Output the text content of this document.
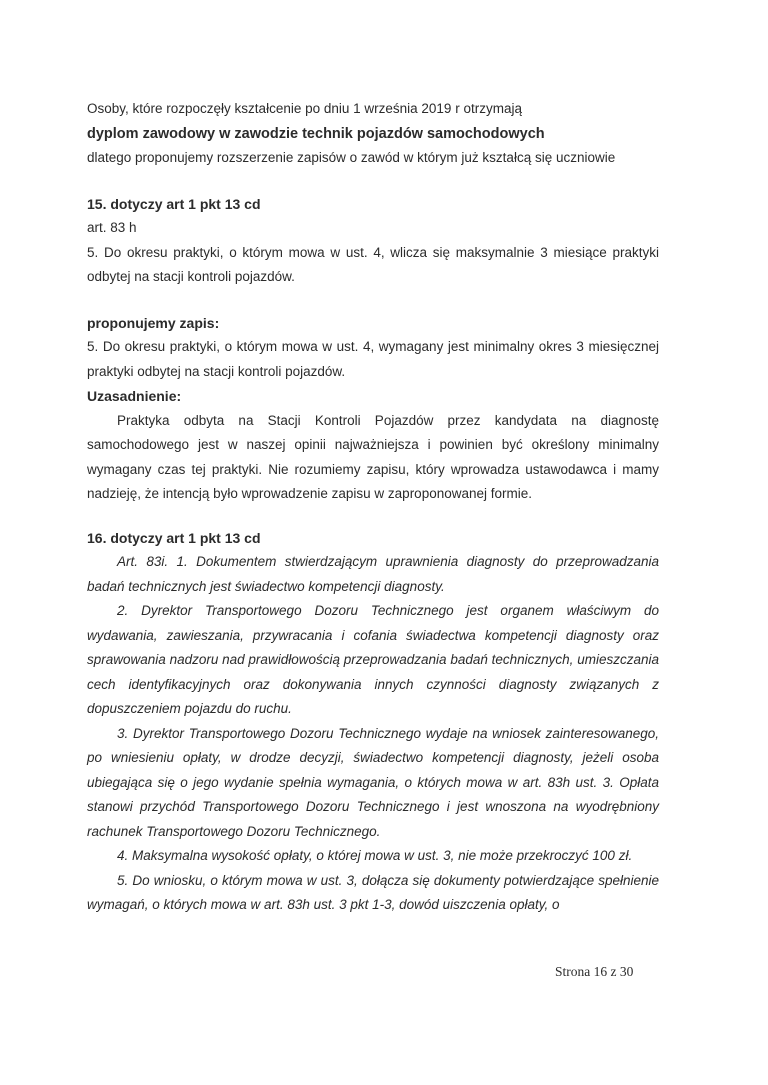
Osoby, które rozpoczęły kształcenie po dniu 1 września 2019 r otrzymają

dyplom zawodowy w zawodzie technik pojazdów samochodowych

dlatego proponujemy rozszerzenie zapisów o zawód w którym już kształcą się uczniowie

15. dotyczy art 1 pkt 13 cd

art. 83 h

5. Do okresu praktyki, o którym mowa w ust. 4, wlicza się maksymalnie 3 miesiące praktyki odbytej na stacji kontroli pojazdów.

proponujemy zapis:

5. Do okresu praktyki, o którym mowa w ust. 4, wymagany jest minimalny okres 3 miesięcznej praktyki odbytej na stacji kontroli pojazdów.

Uzasadnienie:

Praktyka odbyta na Stacji Kontroli Pojazdów przez kandydata na diagnostę samochodowego jest w naszej opinii najważniejsza i powinien być określony minimalny wymagany czas tej praktyki. Nie rozumiemy zapisu, który wprowadza ustawodawca i mamy nadzieję, że intencją było wprowadzenie zapisu w zaproponowanej formie.

16. dotyczy art 1 pkt 13 cd

Art. 83i. 1. Dokumentem stwierdzającym uprawnienia diagnosty do przeprowadzania badań technicznych jest świadectwo kompetencji diagnosty.

2. Dyrektor Transportowego Dozoru Technicznego jest organem właściwym do wydawania, zawieszania, przywracania i cofania świadectwa kompetencji diagnosty oraz sprawowania nadzoru nad prawidłowością przeprowadzania badań technicznych, umieszczania cech identyfikacyjnych oraz dokonywania innych czynności diagnosty związanych z dopuszczeniem pojazdu do ruchu.

3. Dyrektor Transportowego Dozoru Technicznego wydaje na wniosek zainteresowanego, po wniesieniu opłaty, w drodze decyzji, świadectwo kompetencji diagnosty, jeżeli osoba ubiegająca się o jego wydanie spełnia wymagania, o których mowa w art. 83h ust. 3. Opłata stanowi przychód Transportowego Dozoru Technicznego i jest wnoszona na wyodrębniony rachunek Transportowego Dozoru Technicznego.

4. Maksymalna wysokość opłaty, o której mowa w ust. 3, nie może przekroczyć 100 zł.

5. Do wniosku, o którym mowa w ust. 3, dołącza się dokumenty potwierdzające spełnienie wymagań, o których mowa w art. 83h ust. 3 pkt 1-3, dowód uiszczenia opłaty, o

Strona 16 z 30
